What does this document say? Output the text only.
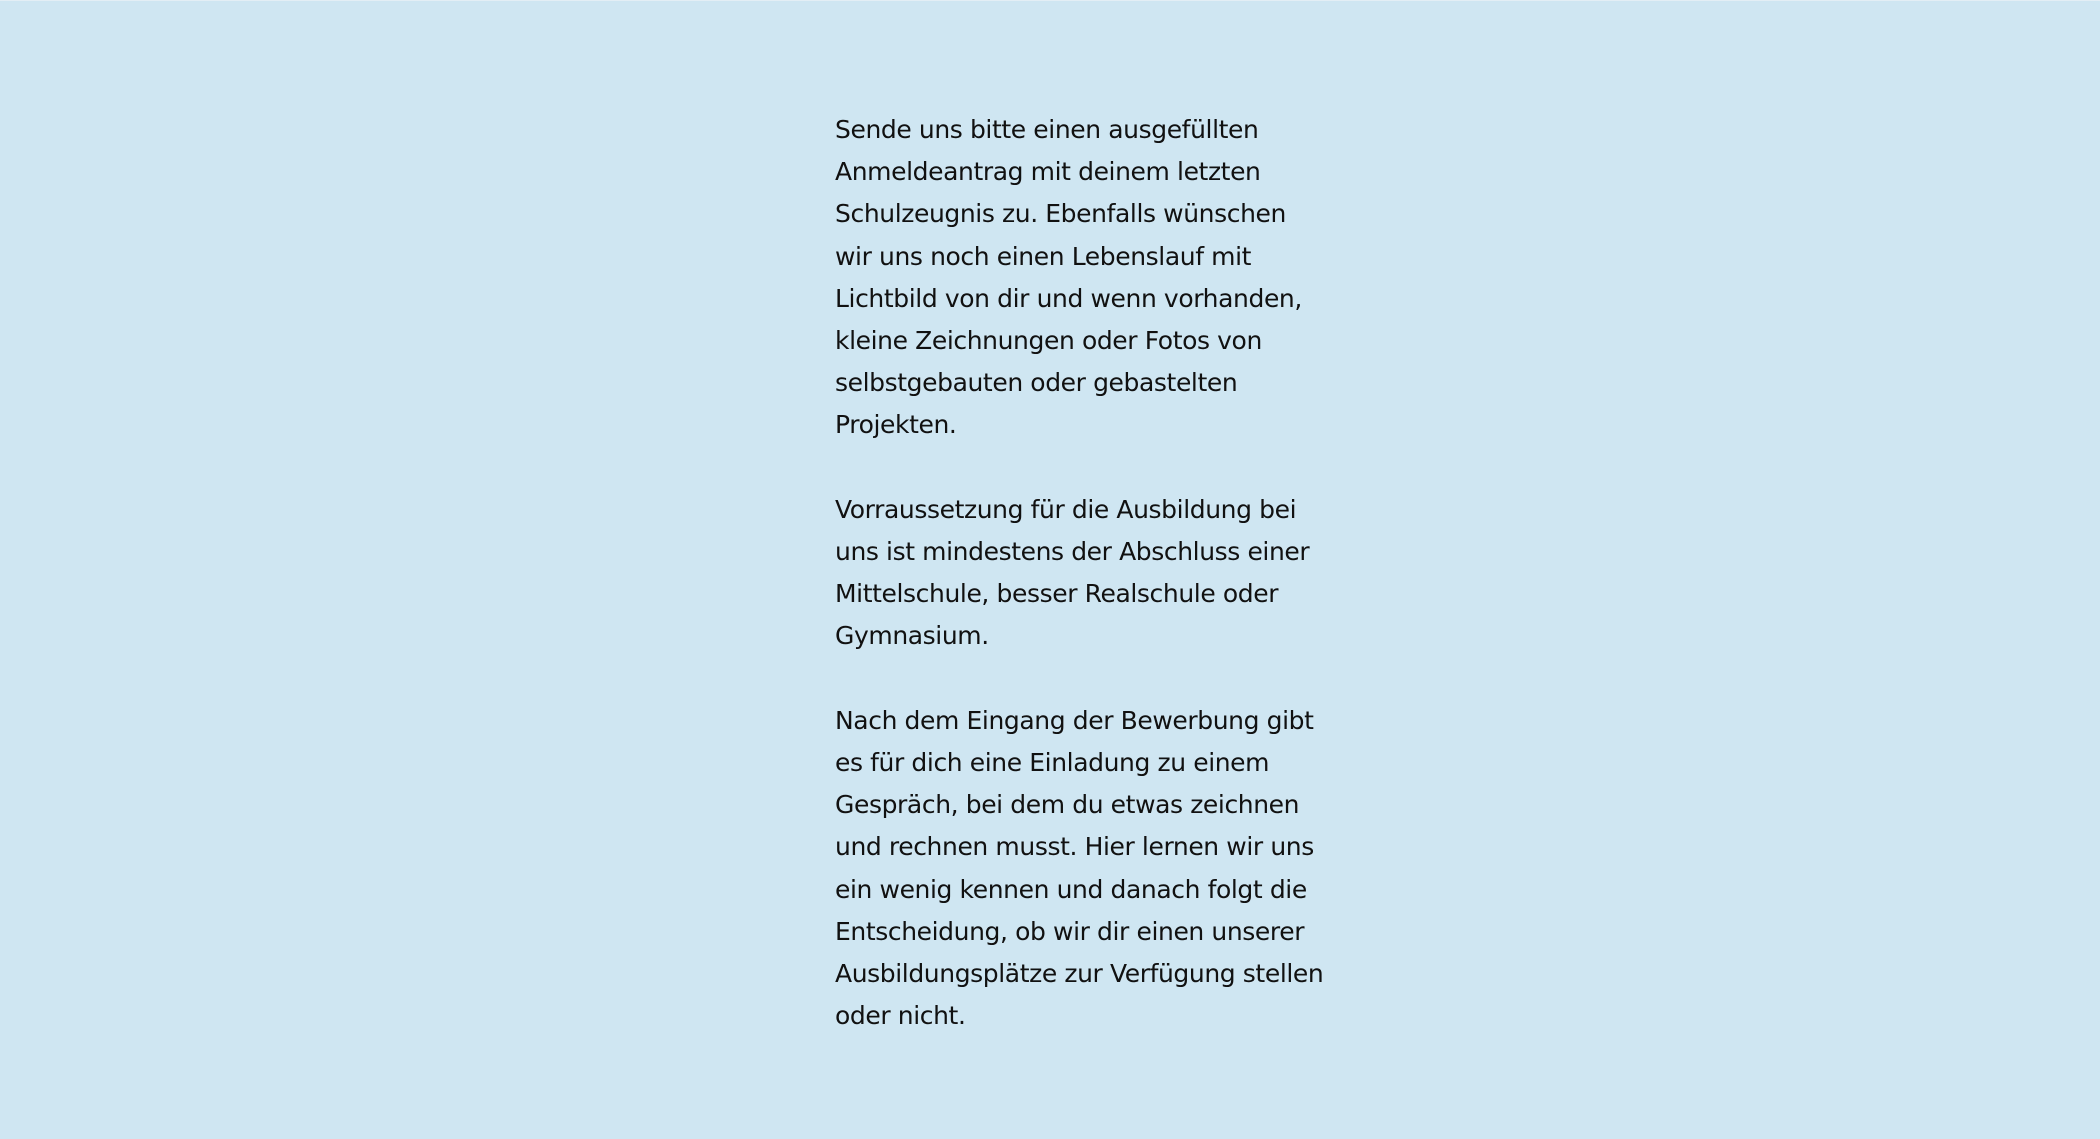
Sende uns bitte einen ausgefüllten
Anmeldeantrag mit deinem letzten
Schulzeugnis zu. Ebenfalls wünschen
wir uns noch einen Lebenslauf mit
Lichtbild von dir und wenn vorhanden,
kleine Zeichnungen oder Fotos von
selbstgebauten oder gebastelten
Projekten.

Vorraussetzung für die Ausbildung bei
uns ist mindestens der Abschluss einer
Mittelschule, besser Realschule oder
Gymnasium.

Nach dem Eingang der Bewerbung gibt
es für dich eine Einladung zu einem
Gespräch, bei dem du etwas zeichnen
und rechnen musst. Hier lernen wir uns
ein wenig kennen und danach folgt die
Entscheidung, ob wir dir einen unserer
Ausbildungsplätze zur Verfügung stellen
oder nicht.
